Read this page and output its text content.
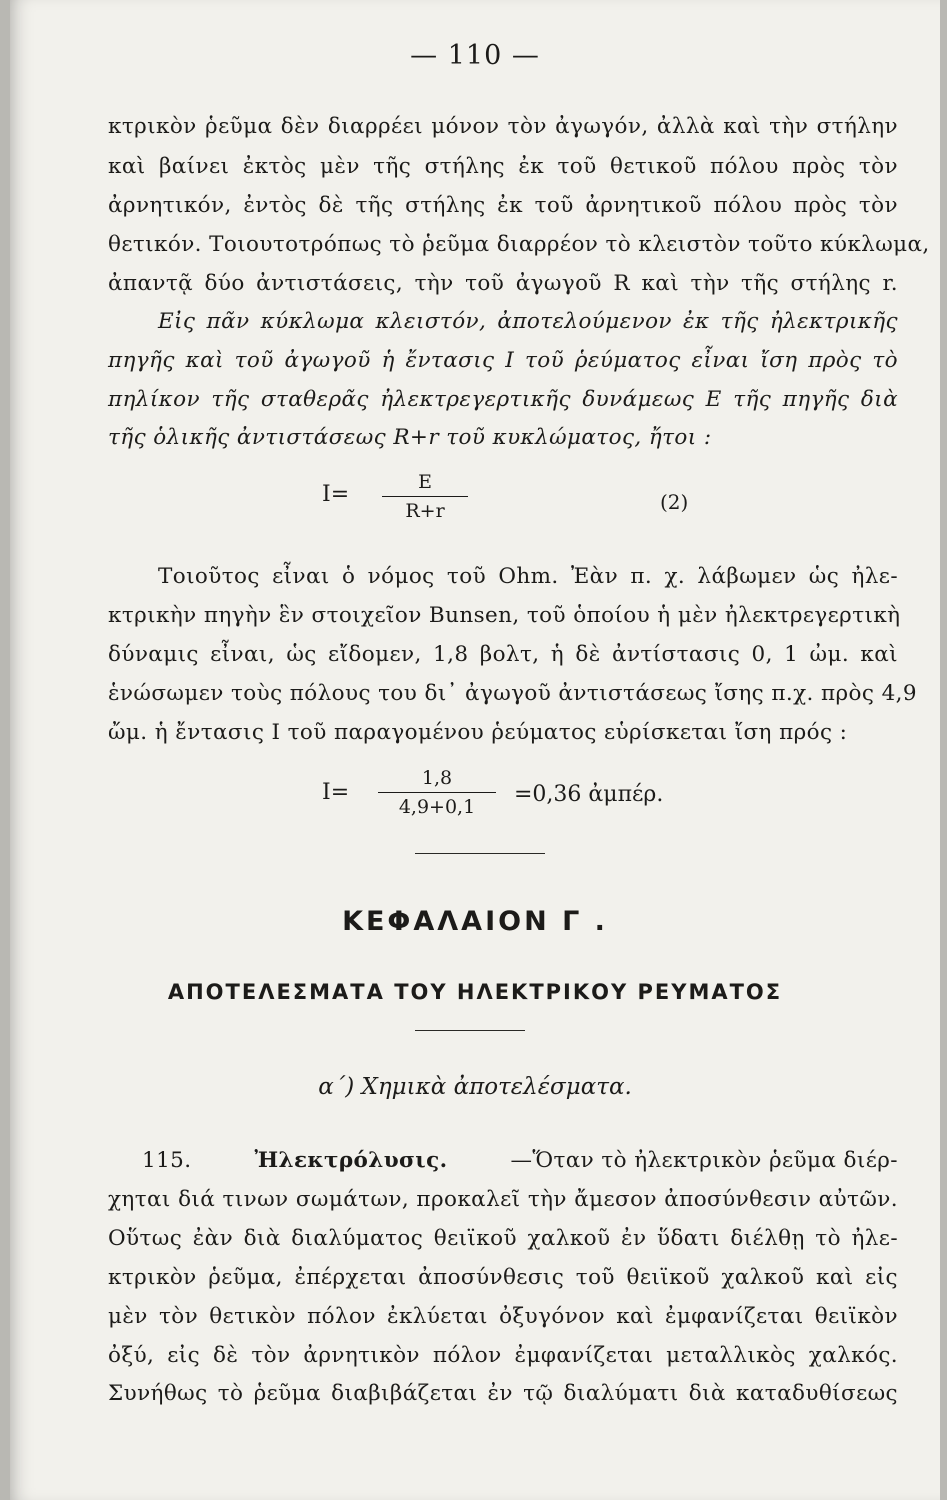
— 110 —
κτρικὸν ῥεῦμα δὲν διαρρέει μόνον τὸν ἀγωγόν, ἀλλὰ καὶ τὴν στήλην
καὶ βαίνει ἐκτὸς μὲν τῆς στήλης ἐκ τοῦ θετικοῦ πόλου πρὸς τὸν
ἀρνητικόν, ἐντὸς δὲ τῆς στήλης ἐκ τοῦ ἀρνητικοῦ πόλου πρὸς τὸν
θετικόν. Τοιουτοτρόπως τὸ ῥεῦμα διαρρέον τὸ κλειστὸν τοῦτο κύκλωμα,
ἀπαντᾷ δύο ἀντιστάσεις, τὴν τοῦ ἀγωγοῦ R καὶ τὴν τῆς στήλης r.
Εἰς πᾶν κύκλωμα κλειστόν, ἀποτελούμενον ἐκ τῆς ἠλεκτρικῆς
πηγῆς καὶ τοῦ ἀγωγοῦ ἡ ἔντασις I τοῦ ῥεύματος εἶναι ἴση πρὸς τὸ
πηλίκον τῆς σταθερᾶς ἠλεκτρεγερτικῆς δυνάμεως E τῆς πηγῆς διὰ
τῆς ὁλικῆς ἀντιστάσεως R+r τοῦ κυκλώματος, ἤτοι :
I=	E
R+r	(2)
Τοιοῦτος εἶναι ὁ νόμος τοῦ Ohm. Ἐὰν π. χ. λάβωμεν ὡς ἠλε-
κτρικὴν πηγὴν ἓν στοιχεῖον Bunsen, τοῦ ὁποίου ἡ μὲν ἠλεκτρεγερτικὴ
δύναμις εἶναι, ὡς εἴδομεν, 1,8 βολτ, ἡ δὲ ἀντίστασις 0, 1 ὠμ. καὶ
ἑνώσωμεν τοὺς πόλους του δι᾿ ἀγωγοῦ ἀντιστάσεως ἴσης π.χ. πρὸς 4,9
ὤμ. ἡ ἔντασις I τοῦ παραγομένου ῥεύματος εὑρίσκεται ἴση πρός :
I=
1,8
4,9+0,1	=0,36 ἀμπέρ.
ΚΕΦΑΛΑΙΟΝ Γ .
ΑΠΟΤΕΛΕΣΜΑΤΑ ΤΟΥ ΗΛΕΚΤΡΙΚΟΥ ΡΕΥΜΑΤΟΣ
α´) Χημικὰ ἀποτελέσματα.
115.	Ἠλεκτρόλυσις.	—Ὅταν τὸ ἠλεκτρικὸν ῥεῦμα διέρ-
χηται διά τινων σωμάτων, προκαλεῖ τὴν ἄμεσον ἀποσύνθεσιν αὐτῶν.
Οὕτως ἐὰν διὰ διαλύματος θειϊκοῦ χαλκοῦ ἐν ὕδατι διέλθῃ τὸ ἠλε-
κτρικὸν ῥεῦμα, ἐπέρχεται ἀποσύνθεσις τοῦ θειϊκοῦ χαλκοῦ καὶ εἰς
μὲν τὸν θετικὸν πόλον ἐκλύεται ὀξυγόνον καὶ ἐμφανίζεται θειϊκὸν
ὀξύ, εἰς δὲ τὸν ἀρνητικὸν πόλον ἐμφανίζεται μεταλλικὸς χαλκός.
Συνήθως τὸ ῥεῦμα διαβιβάζεται ἐν τῷ διαλύματι διὰ καταδυθίσεως
